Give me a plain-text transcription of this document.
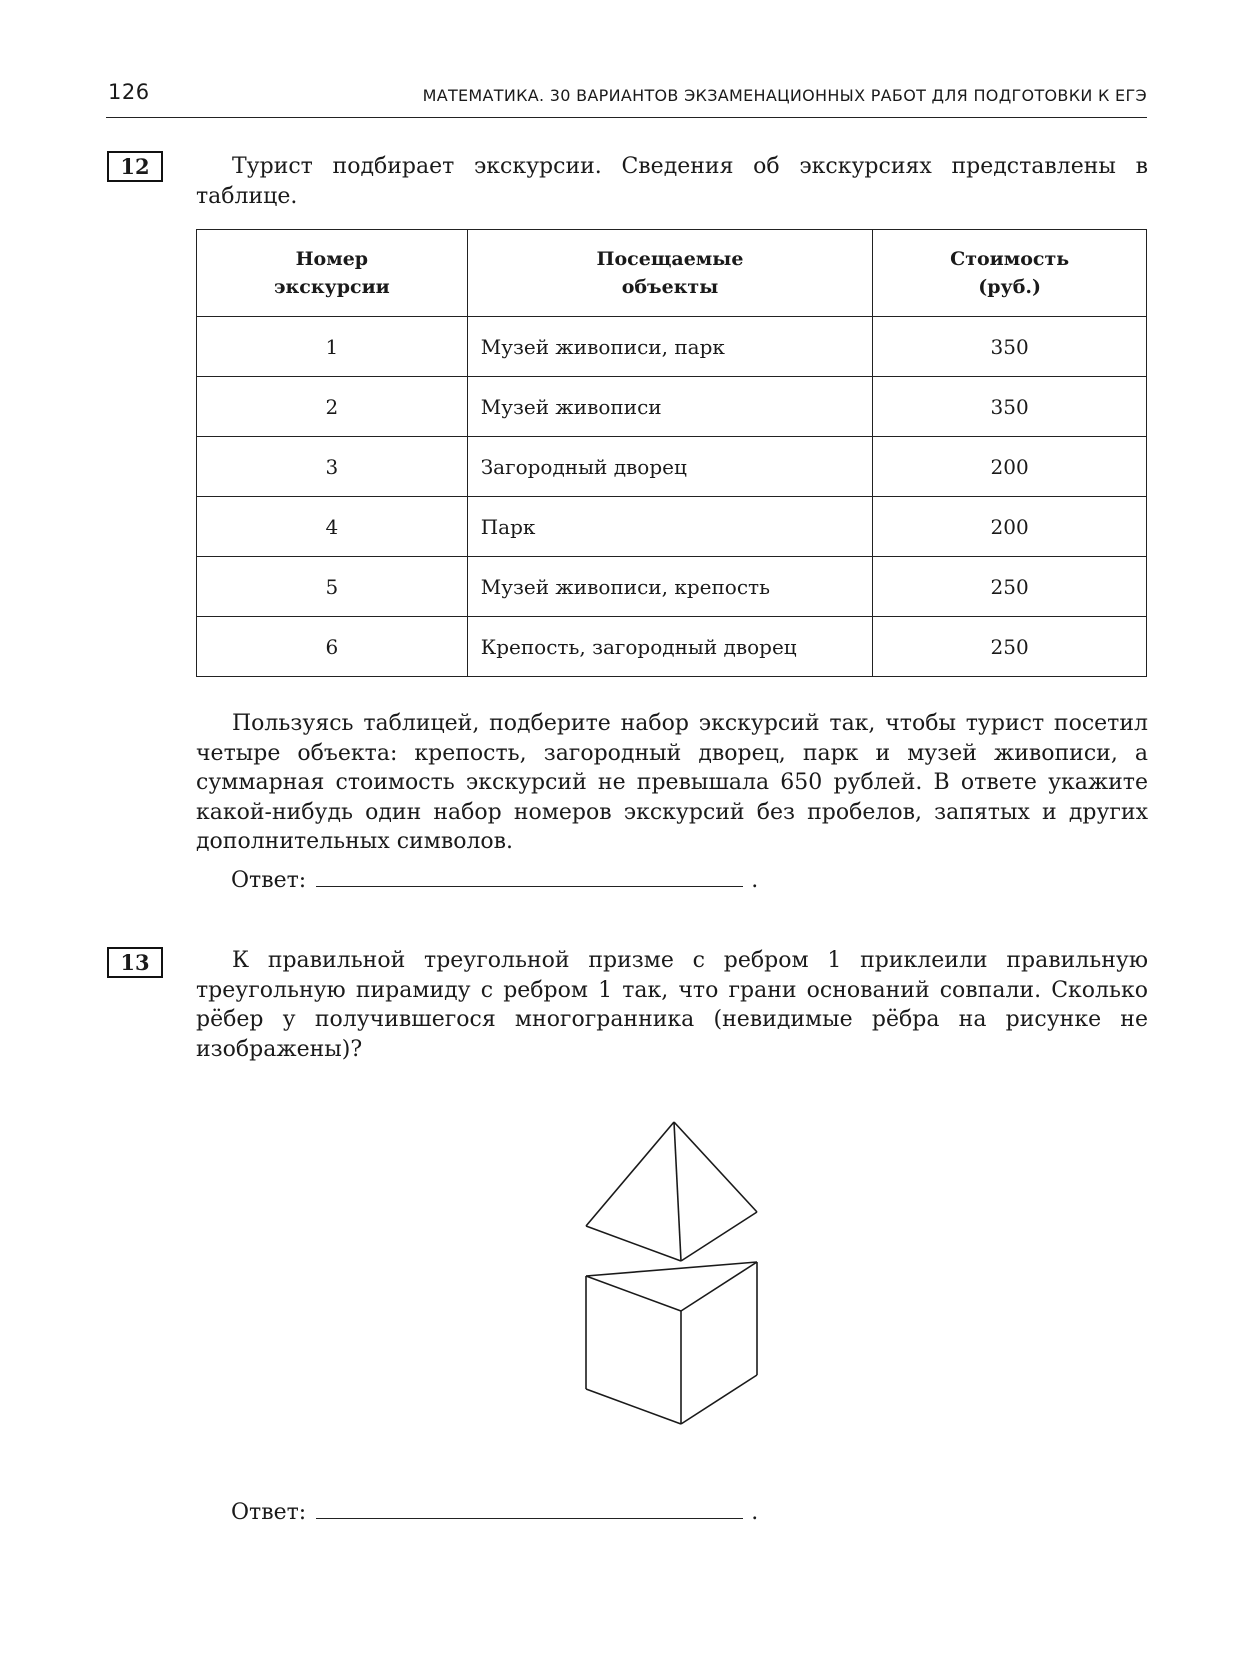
126	МАТЕМАТИКА. 30 ВАРИАНТОВ ЭКЗАМЕНАЦИОННЫХ РАБОТ ДЛЯ ПОДГОТОВКИ К ЕГЭ
12	Турист подбирает экскурсии. Сведения об экскурсиях представлены в таблице.

Номер экскурсии	Посещаемые объекты	Стоимость (руб.)

1	Музей живописи, парк	350
2	Музей живописи	350
3	Загородный дворец	200
4	Парк	200
5	Музей живописи, крепость	250
6	Крепость, загородный дворец	250

Пользуясь таблицей, подберите набор экскурсий так, чтобы турист посетил четыре объекта: крепость, загородный дворец, парк и музей живописи, а суммарная стоимость экскурсий не превышала 650 рублей. В ответе укажите какой-нибудь один набор номеров экскурсий без пробелов, запятых и других дополнительных символов.

Ответ:	.
13	К правильной треугольной призме с ребром 1 приклеили правильную треугольную пирамиду с ребром 1 так, что грани оснований совпали. Сколько рёбер у получившегося многогранника (невидимые рёбра на рисунке не изображены)?

Ответ:	.
